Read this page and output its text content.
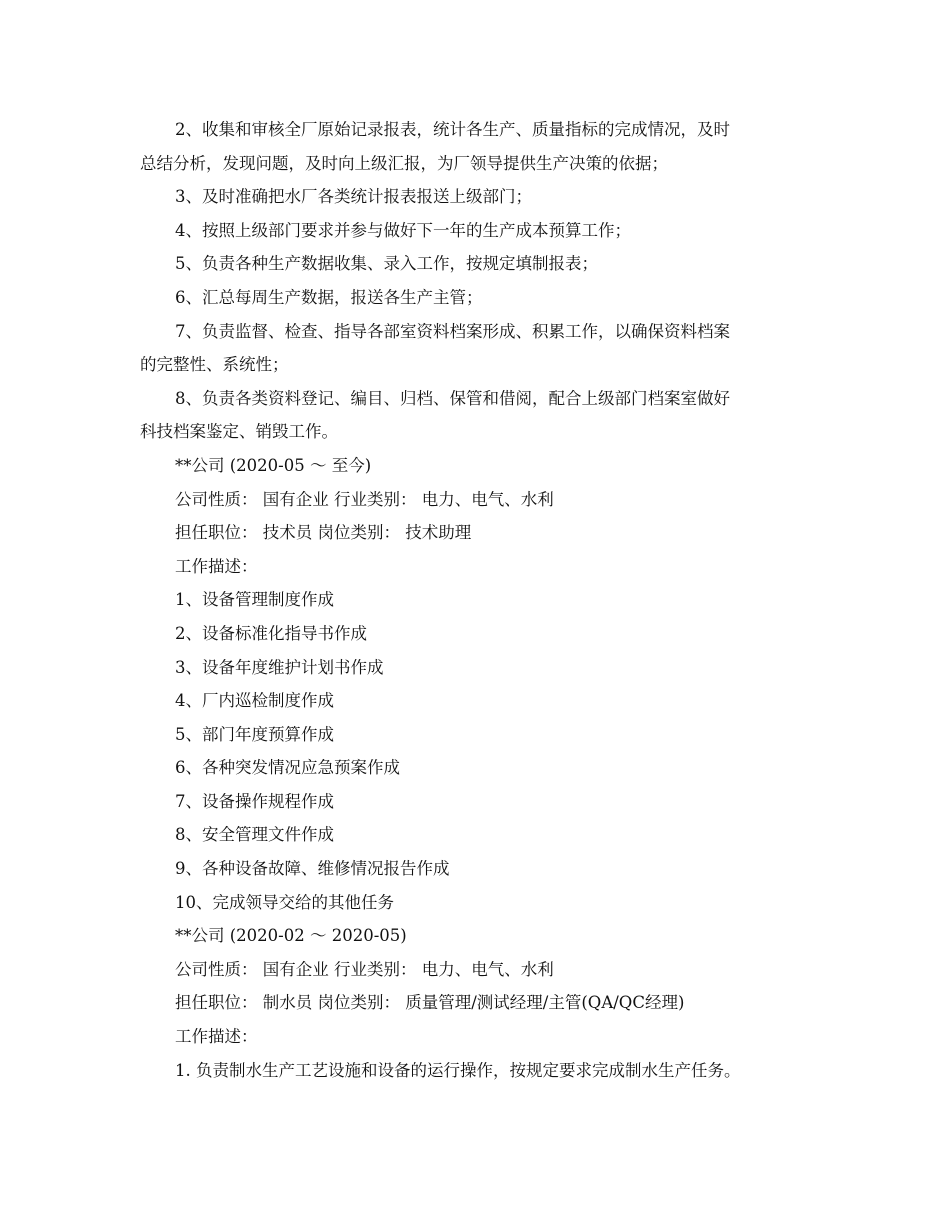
2、收集和审核全厂原始记录报表，统计各生产、质量指标的完成情况，及时
总结分析，发现问题，及时向上级汇报，为厂领导提供生产决策的依据；
3、及时准确把水厂各类统计报表报送上级部门；
4、按照上级部门要求并参与做好下一年的生产成本预算工作；
5、负责各种生产数据收集、录入工作，按规定填制报表；
6、汇总每周生产数据，报送各生产主管；
7、负责监督、检查、指导各部室资料档案形成、积累工作，以确保资料档案
的完整性、系统性；
8、负责各类资料登记、编目、归档、保管和借阅，配合上级部门档案室做好
科技档案鉴定、销毁工作。
**公司 (2020-05 ～ 至今)
公司性质： 国有企业 行业类别： 电力、电气、水利
担任职位： 技术员 岗位类别： 技术助理
工作描述：
1、设备管理制度作成
2、设备标准化指导书作成
3、设备年度维护计划书作成
4、厂内巡检制度作成
5、部门年度预算作成
6、各种突发情况应急预案作成
7、设备操作规程作成
8、安全管理文件作成
9、各种设备故障、维修情况报告作成
10、完成领导交给的其他任务
**公司 (2020-02 ～ 2020-05)
公司性质： 国有企业 行业类别： 电力、电气、水利
担任职位： 制水员 岗位类别： 质量管理/测试经理/主管(QA/QC经理)
工作描述：
1. 负责制水生产工艺设施和设备的运行操作，按规定要求完成制水生产任务。
